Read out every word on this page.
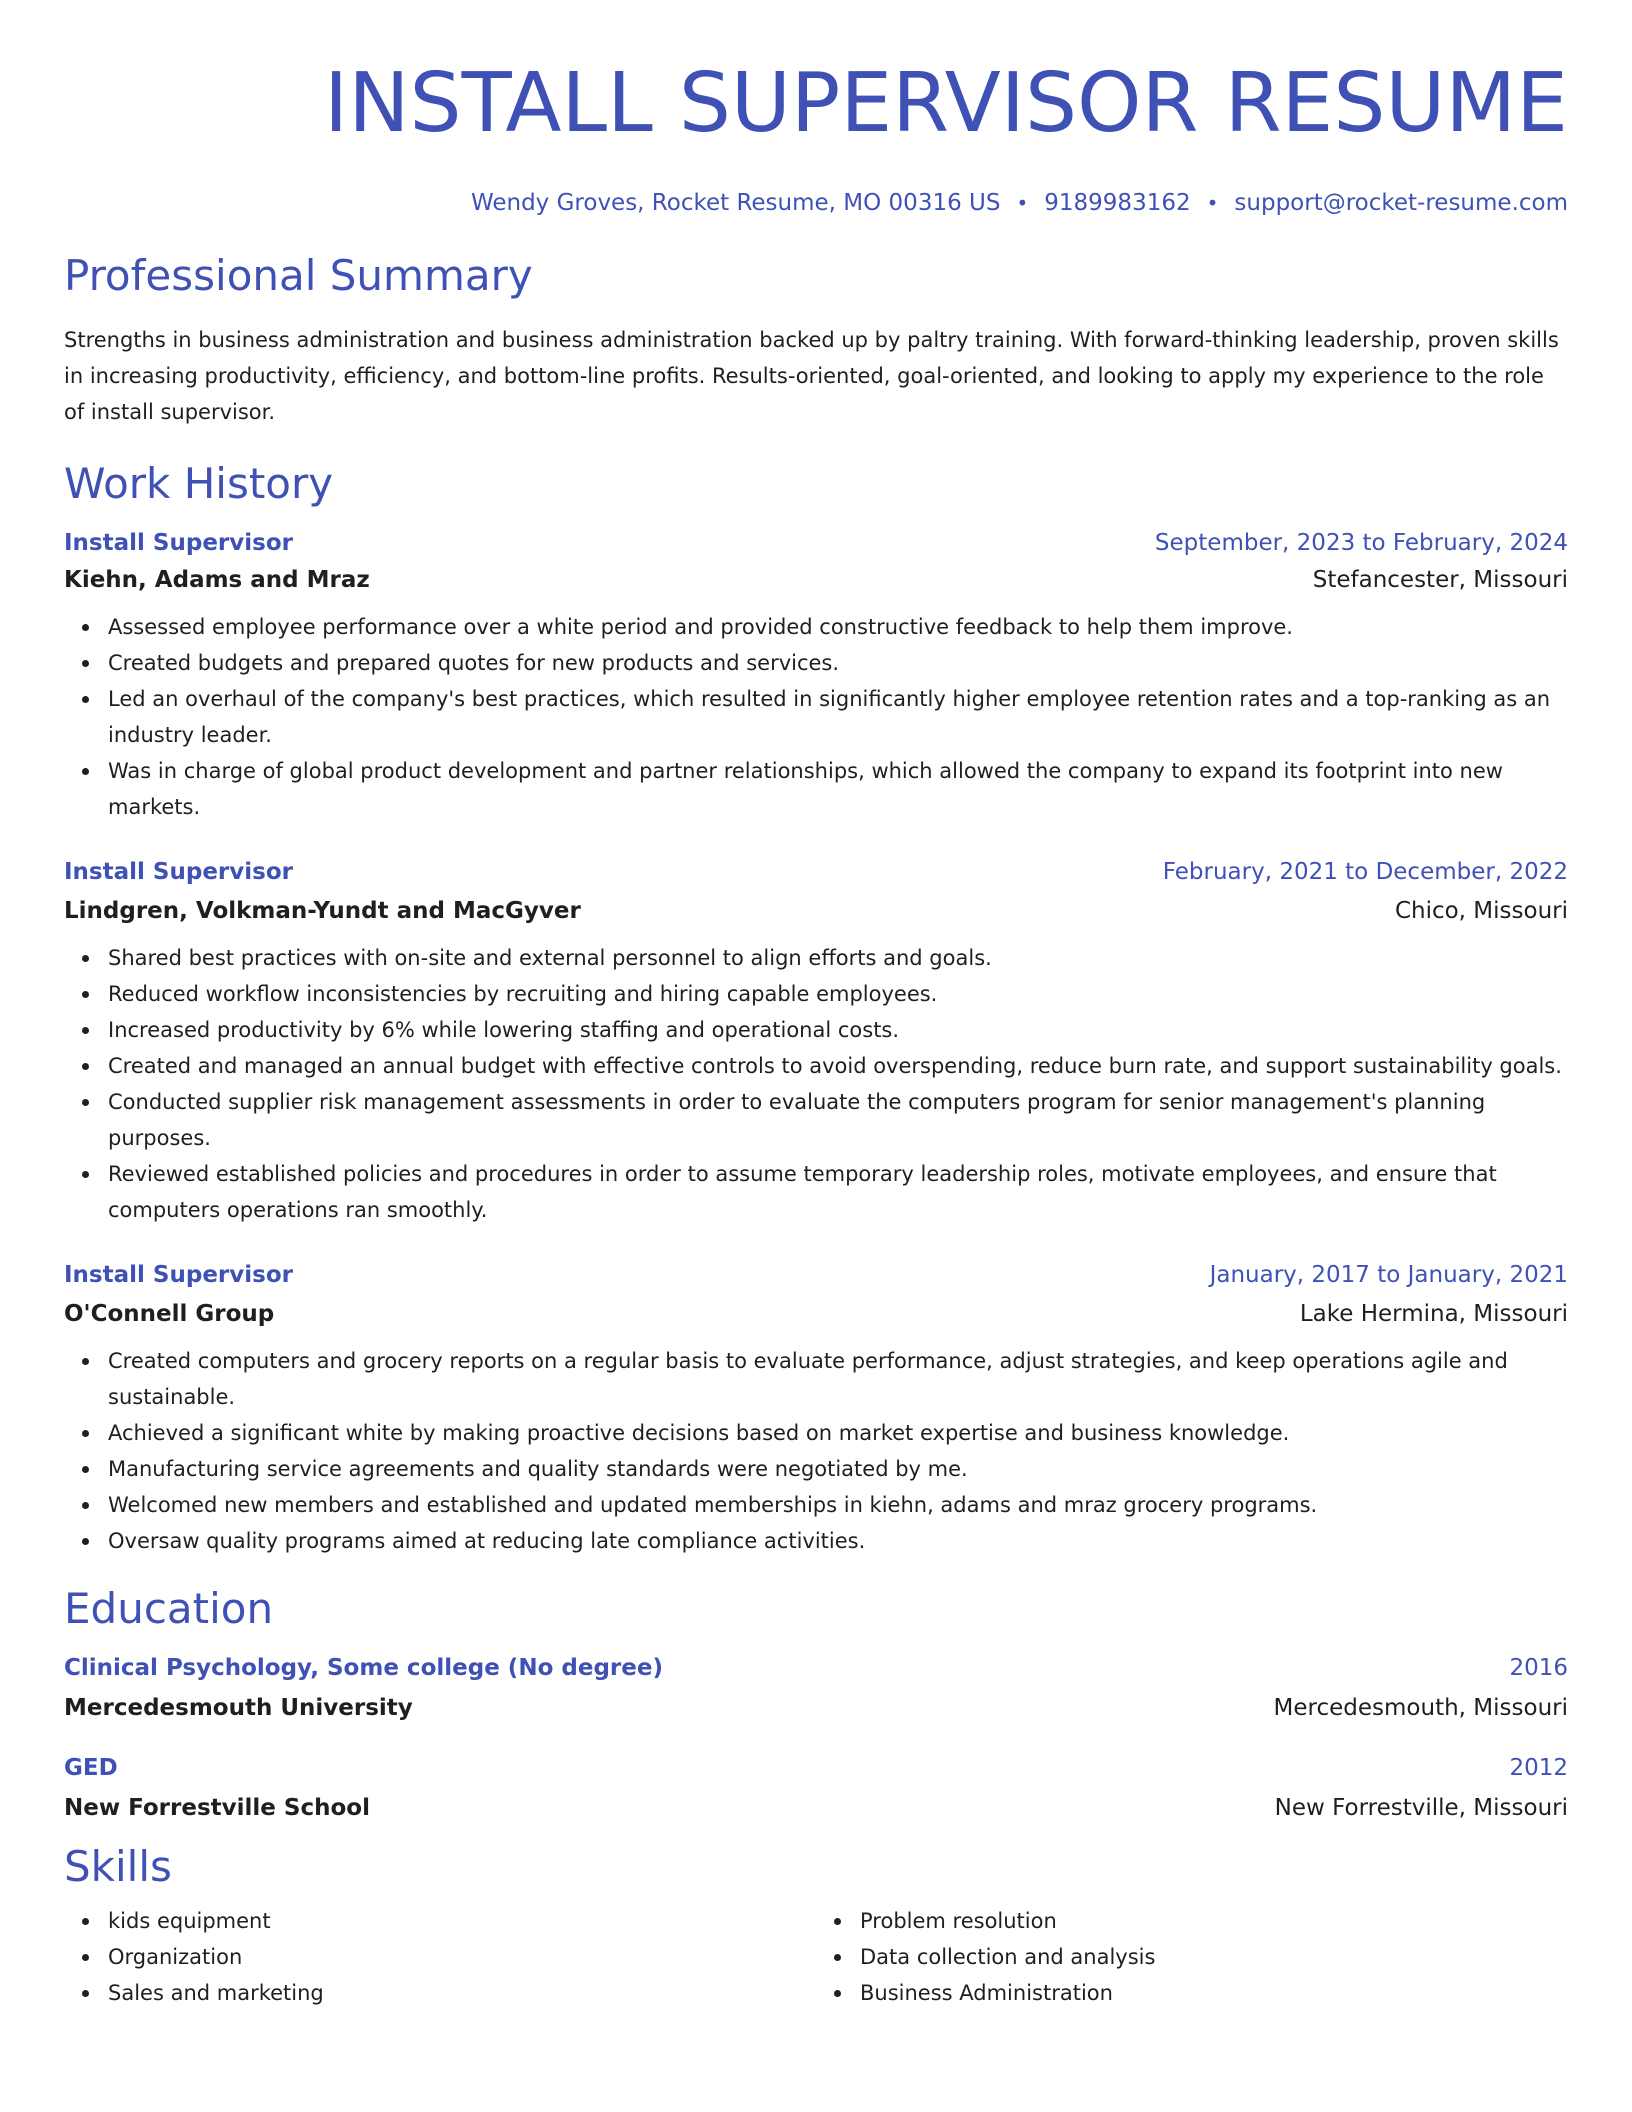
INSTALL SUPERVISOR RESUME
Wendy Groves, Rocket Resume, MO 00316 US • 9189983162 • support@rocket-resume.com
Professional Summary

Strengths in business administration and business administration backed up by paltry training. With forward-thinking leadership, proven skills in increasing productivity, efficiency, and bottom-line profits. Results-oriented, goal-oriented, and looking to apply my experience to the role of install supervisor.

Work History
Install Supervisor	September, 2023 to February, 2024
Kiehn, Adams and Mraz	Stefancester, Missouri
Assessed employee performance over a white period and provided constructive feedback to help them improve.
Created budgets and prepared quotes for new products and services.
Led an overhaul of the company's best practices, which resulted in significantly higher employee retention rates and a top-ranking as an industry leader.
Was in charge of global product development and partner relationships, which allowed the company to expand its footprint into new markets.
Install Supervisor	February, 2021 to December, 2022
Lindgren, Volkman-Yundt and MacGyver	Chico, Missouri
Shared best practices with on-site and external personnel to align efforts and goals.
Reduced workflow inconsistencies by recruiting and hiring capable employees.
Increased productivity by 6% while lowering staffing and operational costs.
Created and managed an annual budget with effective controls to avoid overspending, reduce burn rate, and support sustainability goals.
Conducted supplier risk management assessments in order to evaluate the computers program for senior management's planning purposes.
Reviewed established policies and procedures in order to assume temporary leadership roles, motivate employees, and ensure that computers operations ran smoothly.
Install Supervisor	January, 2017 to January, 2021
O'Connell Group	Lake Hermina, Missouri
Created computers and grocery reports on a regular basis to evaluate performance, adjust strategies, and keep operations agile and sustainable.
Achieved a significant white by making proactive decisions based on market expertise and business knowledge.
Manufacturing service agreements and quality standards were negotiated by me.
Welcomed new members and established and updated memberships in kiehn, adams and mraz grocery programs.
Oversaw quality programs aimed at reducing late compliance activities.
Education
Clinical Psychology, Some college (No degree)	2016
Mercedesmouth University	Mercedesmouth, Missouri
GED	2012
New Forrestville School	New Forrestville, Missouri
Skills
kids equipment
Organization
Sales and marketing
Problem resolution
Data collection and analysis
Business Administration
